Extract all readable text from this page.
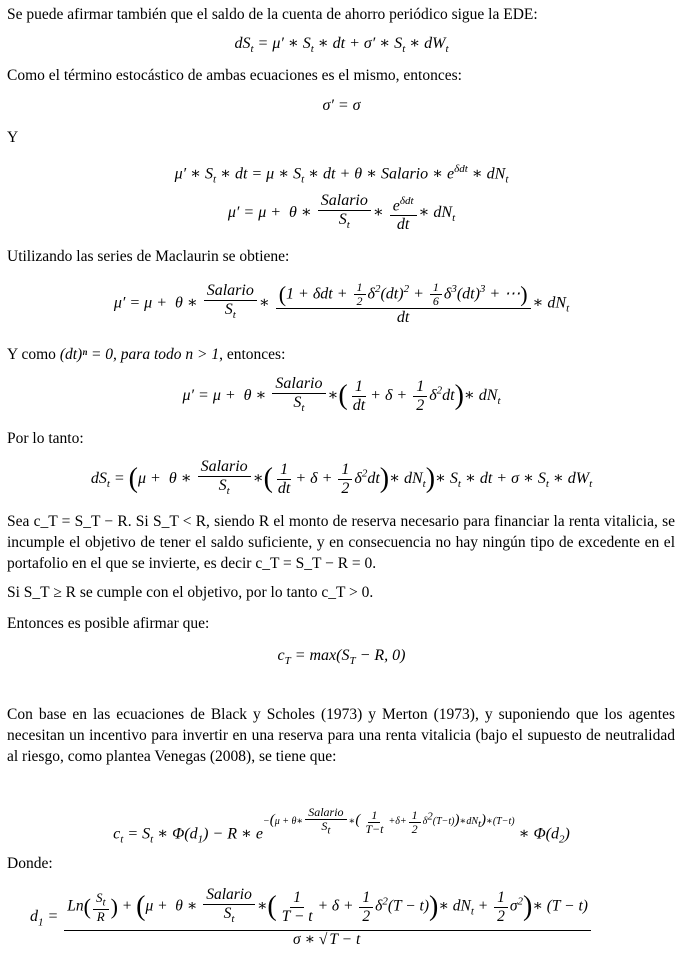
Se puede afirmar también que el saldo de la cuenta de ahorro periódico sigue la EDE:

$dS_t = \mu'$ ∗ $S_t$ ∗ dt + σ′ ∗ $S_t$ ∗ $dW_t$

Como el término estocástico de ambas ecuaciones es el mismo, entonces:

σ′ = σ

Y

μ′ ∗ $S_t$ ∗ dt = μ ∗ $S_t$ ∗ dt + θ ∗ Salario ∗ $e^{\delta dt}$ ∗ $dN_t$
μ′ = μ +  θ ∗ $\frac{\text{Salario}}{S_t}$ ∗ $\frac{e^{\delta dt}}{dt}$ ∗ $dN_t$

Utilizando las series de Maclaurin se obtiene:

μ′ = μ +  θ ∗ $\frac{\text{Salario}}{S_t}$ ∗ $\frac{(1 + \delta dt + \frac{1}{2} \delta^2(dt)^2 + \frac{1}{6} \delta^3(dt)^3 + \cdots)}{dt}$ ∗ $dN_t$

Y como (dt)ⁿ = 0, para todo n > 1, entonces:

μ′ = μ +  θ ∗ $\frac{\text{Salario}}{S_t}$ ∗( $\frac{1}{dt} + \delta + \frac{1}{2}$ $\delta^2dt)∗$ $dN_t$

Por lo tanto:

$dS_t = (\mu + \theta$ ∗ $\frac{\text{Salario}}{S_t}$ ∗( $\frac{1}{dt} + \delta + \frac{1}{2}$ $\delta^2dt)∗$ $dN_t)∗$ $S_t$ ∗ dt + σ ∗ $S_t$ ∗ $dW_t$

Sea c_T = S_T − R. Si S_T < R, siendo R el monto de reserva necesario para financiar la renta vitalicia, se incumple el objetivo de tener el saldo suficiente, y en consecuencia no hay ningún tipo de excedente en el portafolio en el que se invierte, es decir c_T = S_T − R = 0.

Si S_T ≥ R se cumple con el objetivo, por lo tanto c_T > 0.

Entonces es posible afirmar que:

$c_T = \max(S_T - R$, 0)

Con base en las ecuaciones de Black y Scholes (1973) y Merton (1973), y suponiendo que los agentes necesitan un incentivo para invertir en una reserva para una renta vitalicia (bajo el supuesto de neutralidad al riesgo, como plantea Venegas (2008), se tiene que:

$c_t = S_t$ ∗ $\Phi(d_1) - R$ ∗ $e^{-(\mu + \theta∗ \frac{\text{Salario}}{S_t} ∗( \frac{1}{T-t} +\delta+ \frac{1}{2} \delta^2(T-t))∗dN_t)∗(T-t)}$ ∗ $\Phi(d_2)$

Donde:

$d_1$ =
$Ln( \frac{S_t}{R}$ ) + (μ +  θ ∗ $\frac{\text{Salario}}{S_t}$ ∗( $\frac{1}{T - t} + \delta + \frac{1}{2} \delta^2(T$ − t))∗ $dN_t + \frac{1}{2}$ $\sigma^2)∗$ (T − t)
σ ∗ √ T − t
